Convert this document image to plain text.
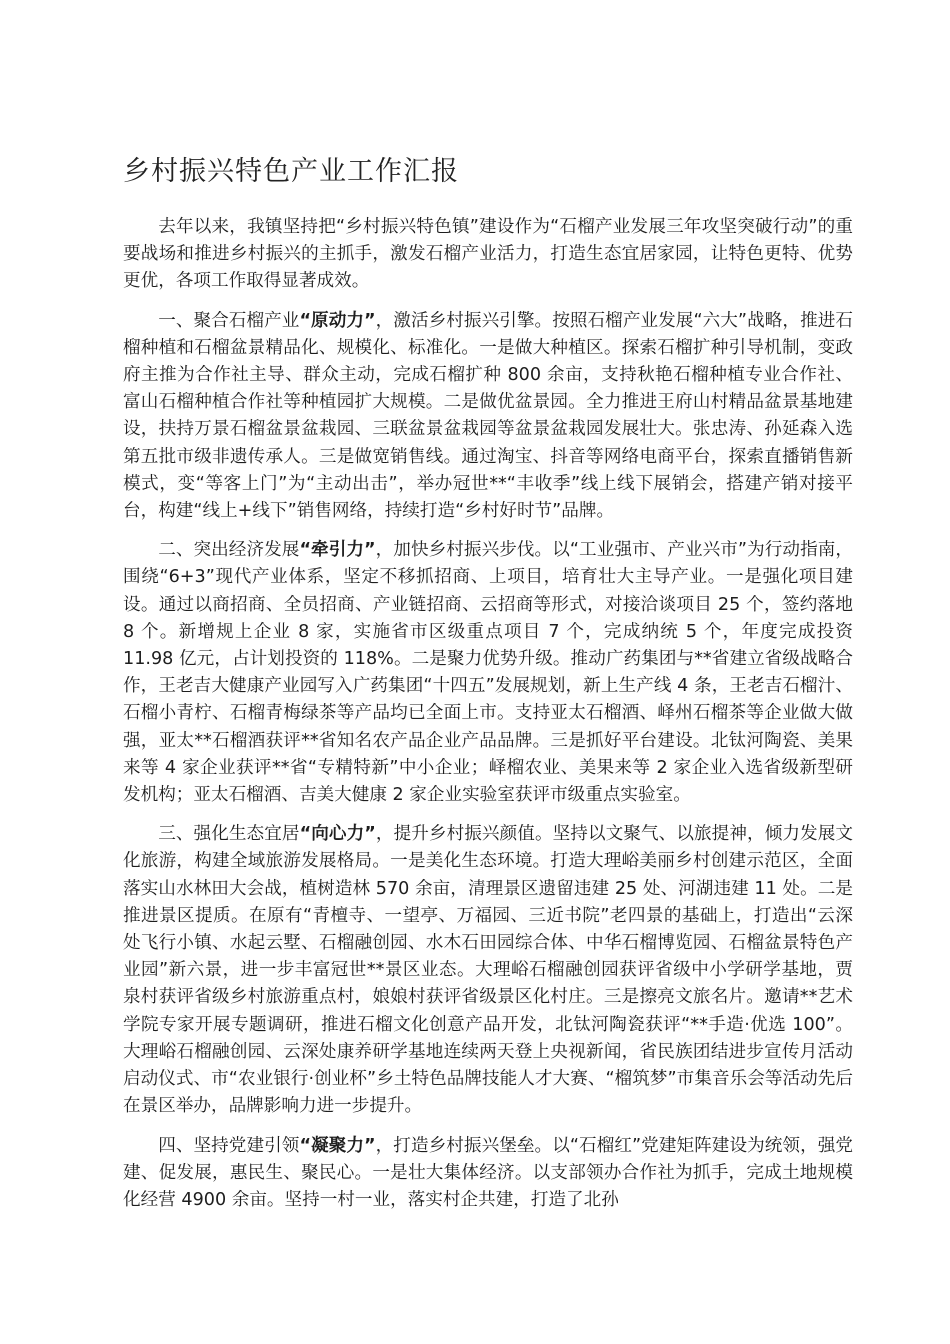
乡村振兴特色产业工作汇报

去年以来，我镇坚持把“乡村振兴特色镇”建设作为“石榴产业发展三年攻坚突破行动”的重要战场和推进乡村振兴的主抓手，激发石榴产业活力，打造生态宜居家园，让特色更特、优势更优，各项工作取得显著成效。

一、聚合石榴产业“原动力”，激活乡村振兴引擎。按照石榴产业发展“六大”战略，推进石榴种植和石榴盆景精品化、规模化、标准化。一是做大种植区。探索石榴扩种引导机制，变政府主推为合作社主导、群众主动，完成石榴扩种 800 余亩，支持秋艳石榴种植专业合作社、富山石榴种植合作社等种植园扩大规模。二是做优盆景园。全力推进王府山村精品盆景基地建设，扶持万景石榴盆景盆栽园、三联盆景盆栽园等盆景盆栽园发展壮大。张忠涛、孙延森入选第五批市级非遗传承人。三是做宽销售线。通过淘宝、抖音等网络电商平台，探索直播销售新模式，变“等客上门”为“主动出击”，举办冠世**“丰收季”线上线下展销会，搭建产销对接平台，构建“线上+线下”销售网络，持续打造“乡村好时节”品牌。

二、突出经济发展“牵引力”，加快乡村振兴步伐。以“工业强市、产业兴市”为行动指南，围绕“6+3”现代产业体系，坚定不移抓招商、上项目，培育壮大主导产业。一是强化项目建设。通过以商招商、全员招商、产业链招商、云招商等形式，对接洽谈项目 25 个，签约落地 8 个。新增规上企业 8 家，实施省市区级重点项目 7 个，完成纳统 5 个，年度完成投资 11.98 亿元，占计划投资的 118%。二是聚力优势升级。推动广药集团与**省建立省级战略合作，王老吉大健康产业园写入广药集团“十四五”发展规划，新上生产线 4 条，王老吉石榴汁、石榴小青柠、石榴青梅绿茶等产品均已全面上市。支持亚太石榴酒、峄州石榴茶等企业做大做强，亚太**石榴酒获评**省知名农产品企业产品品牌。三是抓好平台建设。北钛河陶瓷、美果来等 4 家企业获评**省“专精特新”中小企业；峄榴农业、美果来等 2 家企业入选省级新型研发机构；亚太石榴酒、吉美大健康 2 家企业实验室获评市级重点实验室。

三、强化生态宜居“向心力”，提升乡村振兴颜值。坚持以文聚气、以旅提神，倾力发展文化旅游，构建全域旅游发展格局。一是美化生态环境。打造大理峪美丽乡村创建示范区，全面落实山水林田大会战，植树造林 570 余亩，清理景区遗留违建 25 处、河湖违建 11 处。二是推进景区提质。在原有“青檀寺、一望亭、万福园、三近书院”老四景的基础上，打造出“云深处飞行小镇、水起云墅、石榴融创园、水木石田园综合体、中华石榴博览园、石榴盆景特色产业园”新六景，进一步丰富冠世**景区业态。大理峪石榴融创园获评省级中小学研学基地，贾泉村获评省级乡村旅游重点村，娘娘村获评省级景区化村庄。三是擦亮文旅名片。邀请**艺术学院专家开展专题调研，推进石榴文化创意产品开发，北钛河陶瓷获评“**手造·优选 100”。大理峪石榴融创园、云深处康养研学基地连续两天登上央视新闻，省民族团结进步宣传月活动启动仪式、市“农业银行·创业杯”乡土特色品牌技能人才大赛、“榴筑梦”市集音乐会等活动先后在景区举办，品牌影响力进一步提升。

四、坚持党建引领“凝聚力”，打造乡村振兴堡垒。以“石榴红”党建矩阵建设为统领，强党建、促发展，惠民生、聚民心。一是壮大集体经济。以支部领办合作社为抓手，完成土地规模化经营 4900 余亩。坚持一村一业，落实村企共建，打造了北孙
